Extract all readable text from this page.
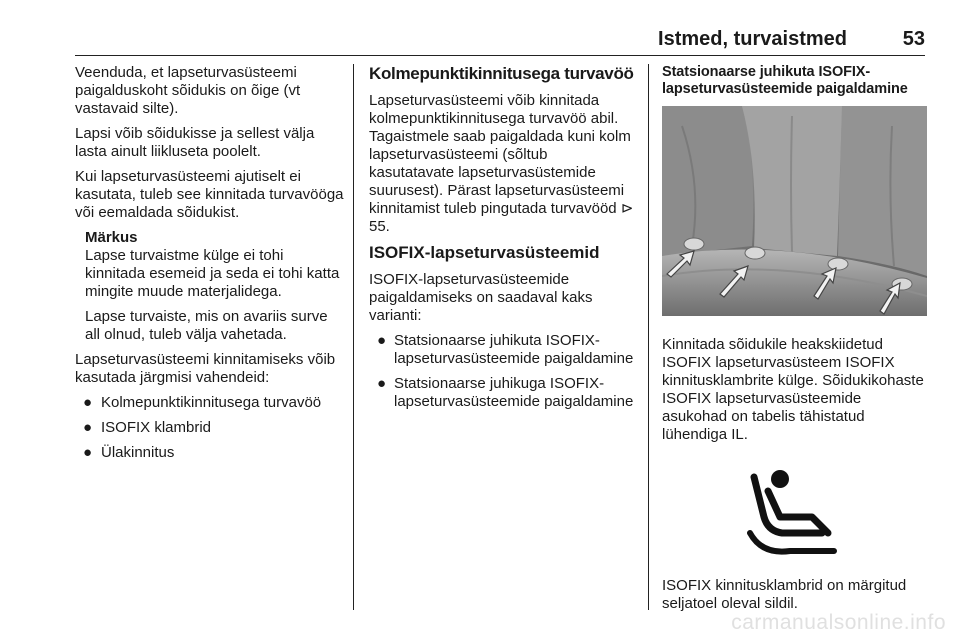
Istmed, turvaistmed	53

Veenduda, et lapseturvasüsteemi paigalduskoht sõidukis on õige (vt vastavaid silte).

Lapsi võib sõidukisse ja sellest välja lasta ainult liikluseta poolelt.

Kui lapseturvasüsteemi ajutiselt ei kasutata, tuleb see kinnitada turvavööga või eemaldada sõidukist.

Märkus

Lapse turvaistme külge ei tohi kinnitada esemeid ja seda ei tohi katta mingite muude materjalidega.

Lapse turvaiste, mis on avariis surve all olnud, tuleb välja vahetada.

Lapseturvasüsteemi kinnitamiseks võib kasutada järgmisi vahendeid:

● Kolmepunktikinnitusega turvavöö
● ISOFIX klambrid
● Ülakinnitus

Kolmepunktikinnitusega turvavöö

Lapseturvasüsteemi võib kinnitada kolmepunktikinnitusega turvavöö abil. Tagaistmele saab paigaldada kuni kolm lapseturvasüsteemi (sõltub kasutatavate lapseturvasüstemide suurusest). Pärast lapseturvasüsteemi kinnitamist tuleb pingutada turvavööd ⊳ 55.

ISOFIX-lapseturvasüsteemid

ISOFIX-lapseturvasüsteemide paigaldamiseks on saadaval kaks varianti:

● Statsionaarse juhikuta ISOFIX-lapseturvasüsteemide paigaldamine
● Statsionaarse juhikuga ISOFIX-lapseturvasüsteemide paigaldamine

Statsionaarse juhikuta ISOFIX-lapseturvasüsteemide paigaldamine

Kinnitada sõidukile heakskiidetud ISOFIX lapseturvasüsteem ISOFIX kinnitusklambrite külge. Sõidukikohaste ISOFIX lapseturvasüsteemide asukohad on tabelis tähistatud lühendiga IL.

ISOFIX kinnitusklambrid on märgitud seljatoel oleval sildil.

carmanualsonline.info
